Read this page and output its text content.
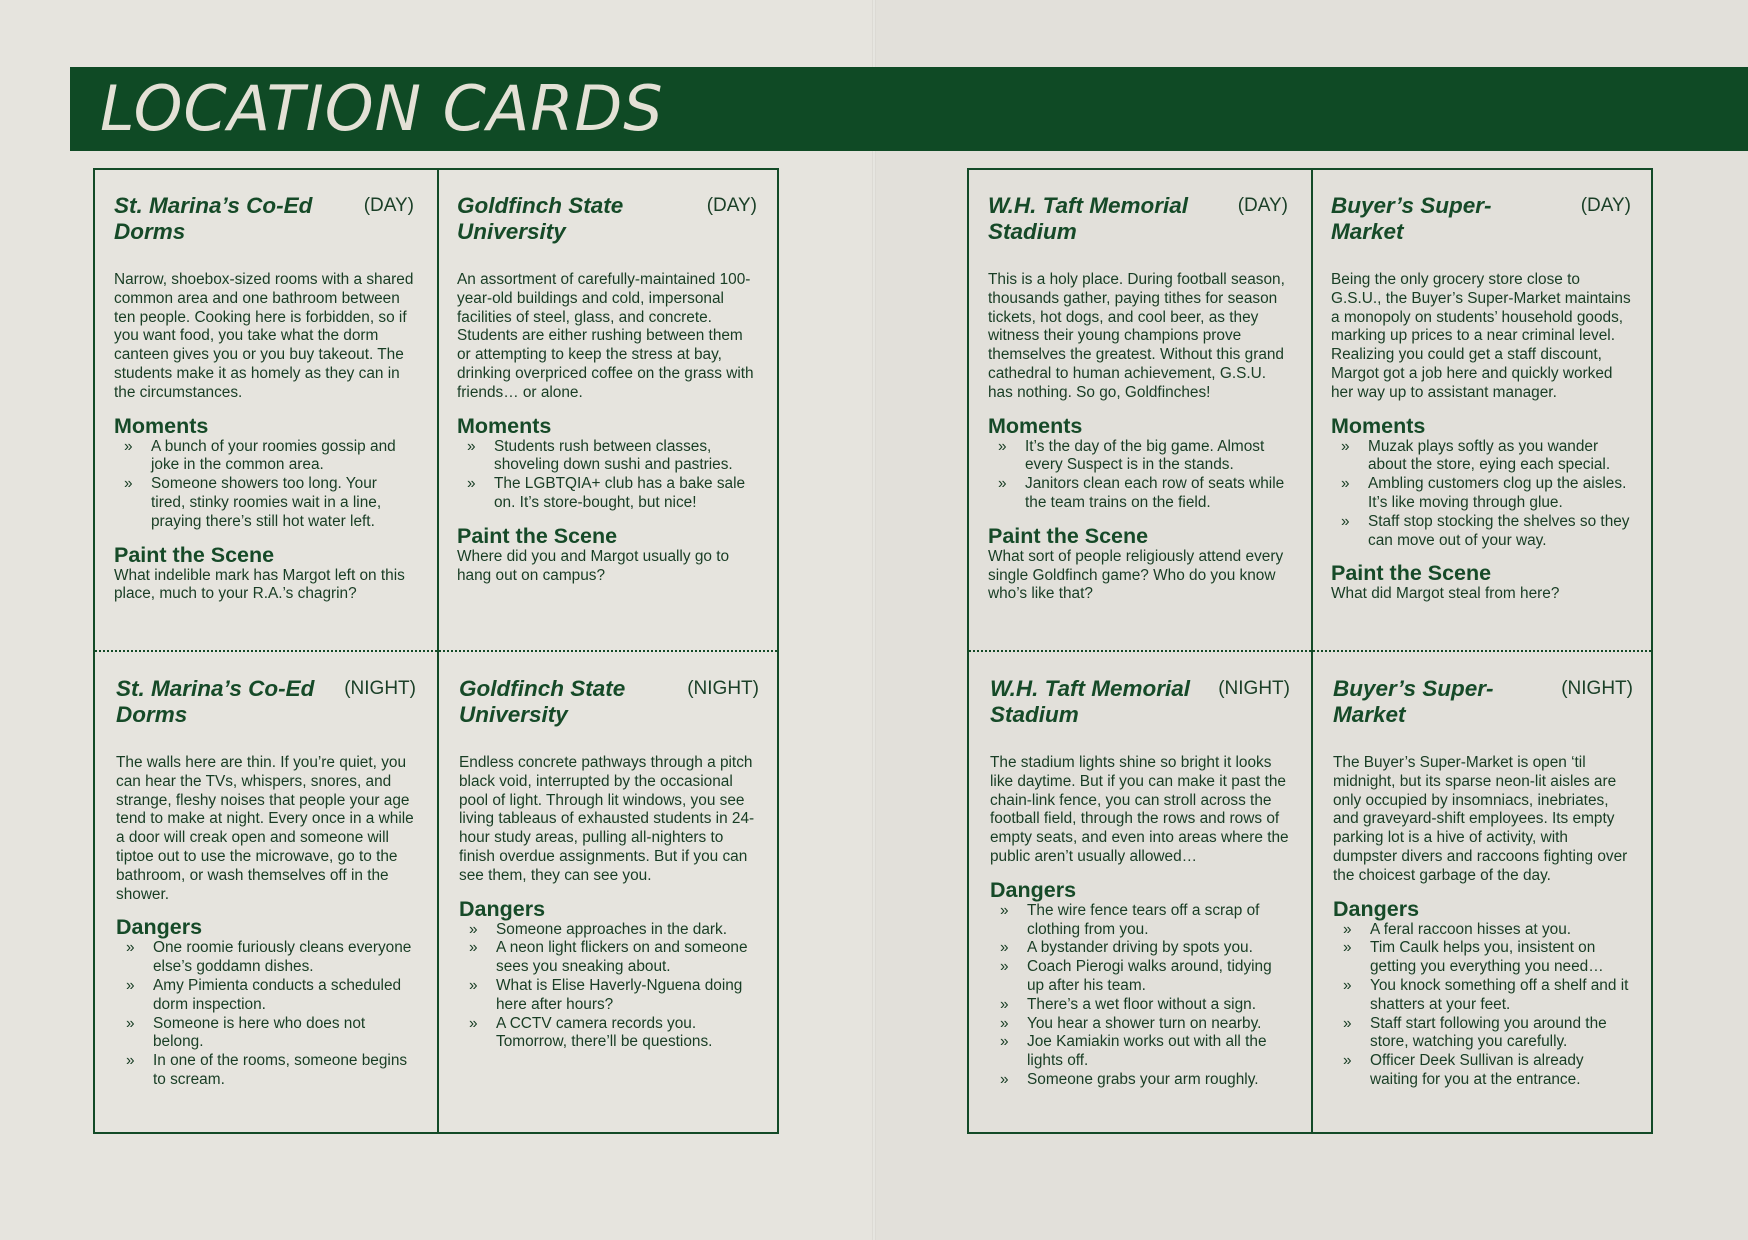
LOCATION CARDS
St. Marina’s Co-Ed Dorms
(DAY)

Narrow, shoebox-sized rooms with a shared common area and one bathroom between ten people. Cooking here is forbidden, so if you want food, you take what the dorm canteen gives you or you buy takeout. The students make it as homely as they can in the circumstances.

Moments
» A bunch of your roomies gossip and joke in the common area.
» Someone showers too long. Your tired, stinky roomies wait in a line, praying there’s still hot water left.
Paint the Scene

What indelible mark has Margot left on this place, much to your R.A.’s chagrin?

Goldfinch State University
(DAY)

An assortment of carefully-maintained 100-year-old buildings and cold, impersonal facilities of steel, glass, and concrete. Students are either rushing between them or attempting to keep the stress at bay, drinking overpriced coffee on the grass with friends… or alone.

Moments
» Students rush between classes, shoveling down sushi and pastries.
» The LGBTQIA+ club has a bake sale on. It’s store-bought, but nice!
Paint the Scene

Where did you and Margot usually go to hang out on campus?

W.H. Taft Memorial Stadium
(DAY)

This is a holy place. During football season, thousands gather, paying tithes for season tickets, hot dogs, and cool beer, as they witness their young champions prove themselves the greatest. Without this grand cathedral to human achievement, G.S.U. has nothing. So go, Goldfinches!

Moments
» It’s the day of the big game. Almost every Suspect is in the stands.
» Janitors clean each row of seats while the team trains on the field.
Paint the Scene

What sort of people religiously attend every single Goldfinch game? Who do you know who’s like that?

Buyer’s Super-Market
(DAY)

Being the only grocery store close to G.S.U., the Buyer’s Super-Market maintains a monopoly on students’ household goods, marking up prices to a near criminal level. Realizing you could get a staff discount, Margot got a job here and quickly worked her way up to assistant manager.

Moments
» Muzak plays softly as you wander about the store, eying each special.
» Ambling customers clog up the aisles. It’s like moving through glue.
» Staff stop stocking the shelves so they can move out of your way.
Paint the Scene

What did Margot steal from here?

St. Marina’s Co-Ed Dorms
(NIGHT)

The walls here are thin. If you’re quiet, you can hear the TVs, whispers, snores, and strange, fleshy noises that people your age tend to make at night. Every once in a while a door will creak open and someone will tiptoe out to use the microwave, go to the bathroom, or wash themselves off in the shower.

Dangers
» One roomie furiously cleans everyone else’s goddamn dishes.
» Amy Pimienta conducts a scheduled dorm inspection.
» Someone is here who does not belong.
» In one of the rooms, someone begins to scream.
Goldfinch State University
(NIGHT)

Endless concrete pathways through a pitch black void, interrupted by the occasional pool of light. Through lit windows, you see living tableaus of exhausted students in 24-hour study areas, pulling all-nighters to finish overdue assignments. But if you can see them, they can see you.

Dangers
» Someone approaches in the dark.
» A neon light flickers on and someone sees you sneaking about.
» What is Elise Haverly-Nguena doing here after hours?
» A CCTV camera records you. Tomorrow, there’ll be questions.
W.H. Taft Memorial Stadium
(NIGHT)

The stadium lights shine so bright it looks like daytime. But if you can make it past the chain-link fence, you can stroll across the football field, through the rows and rows of empty seats, and even into areas where the public aren’t usually allowed…

Dangers
» The wire fence tears off a scrap of clothing from you.
» A bystander driving by spots you.
» Coach Pierogi walks around, tidying up after his team.
» There’s a wet floor without a sign.
» You hear a shower turn on nearby.
» Joe Kamiakin works out with all the lights off.
» Someone grabs your arm roughly.
Buyer’s Super-Market
(NIGHT)

The Buyer’s Super-Market is open ‘til midnight, but its sparse neon-lit aisles are only occupied by insomniacs, inebriates, and graveyard-shift employees. Its empty parking lot is a hive of activity, with dumpster divers and raccoons fighting over the choicest garbage of the day.

Dangers
» A feral raccoon hisses at you.
» Tim Caulk helps you, insistent on getting you everything you need…
» You knock something off a shelf and it shatters at your feet.
» Staff start following you around the store, watching you carefully.
» Officer Deek Sullivan is already waiting for you at the entrance.
